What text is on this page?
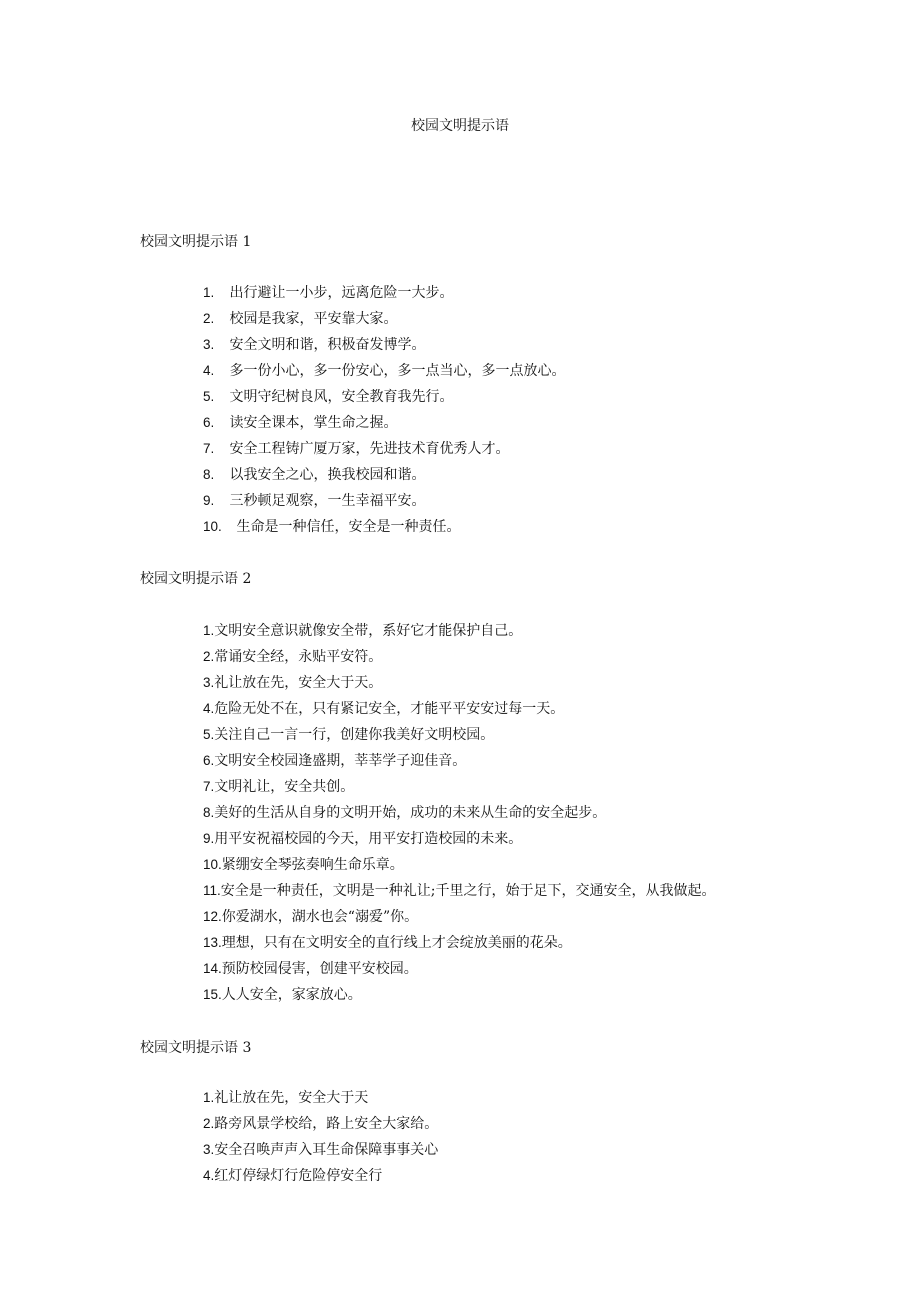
校园文明提示语
校园文明提示语 1
1. 出行避让一小步，远离危险一大步。
2. 校园是我家，平安靠大家。
3. 安全文明和谐，积极奋发博学。
4. 多一份小心，多一份安心，多一点当心，多一点放心。
5. 文明守纪树良风，安全教育我先行。
6. 读安全课本，掌生命之握。
7. 安全工程铸广厦万家，先进技术育优秀人才。
8. 以我安全之心，换我校园和谐。
9. 三秒顿足观察，一生幸福平安。
10. 生命是一种信任，安全是一种责任。
校园文明提示语 2
1.文明安全意识就像安全带，系好它才能保护自己。
2.常诵安全经，永贴平安符。
3.礼让放在先，安全大于天。
4.危险无处不在，只有紧记安全，才能平平安安过每一天。
5.关注自己一言一行，创建你我美好文明校园。
6.文明安全校园逢盛期，莘莘学子迎佳音。
7.文明礼让，安全共创。
8.美好的生活从自身的文明开始，成功的未来从生命的安全起步。
9.用平安祝福校园的今天，用平安打造校园的未来。
10.紧绷安全琴弦奏响生命乐章。
11.安全是一种责任，文明是一种礼让;千里之行，始于足下，交通安全，从我做起。
12.你爱湖水，湖水也会“溺爱”你。
13.理想，只有在文明安全的直行线上才会绽放美丽的花朵。
14.预防校园侵害，创建平安校园。
15.人人安全，家家放心。
校园文明提示语 3
1.礼让放在先，安全大于天
2.路旁风景学校给，路上安全大家给。
3.安全召唤声声入耳生命保障事事关心
4.红灯停绿灯行危险停安全行
